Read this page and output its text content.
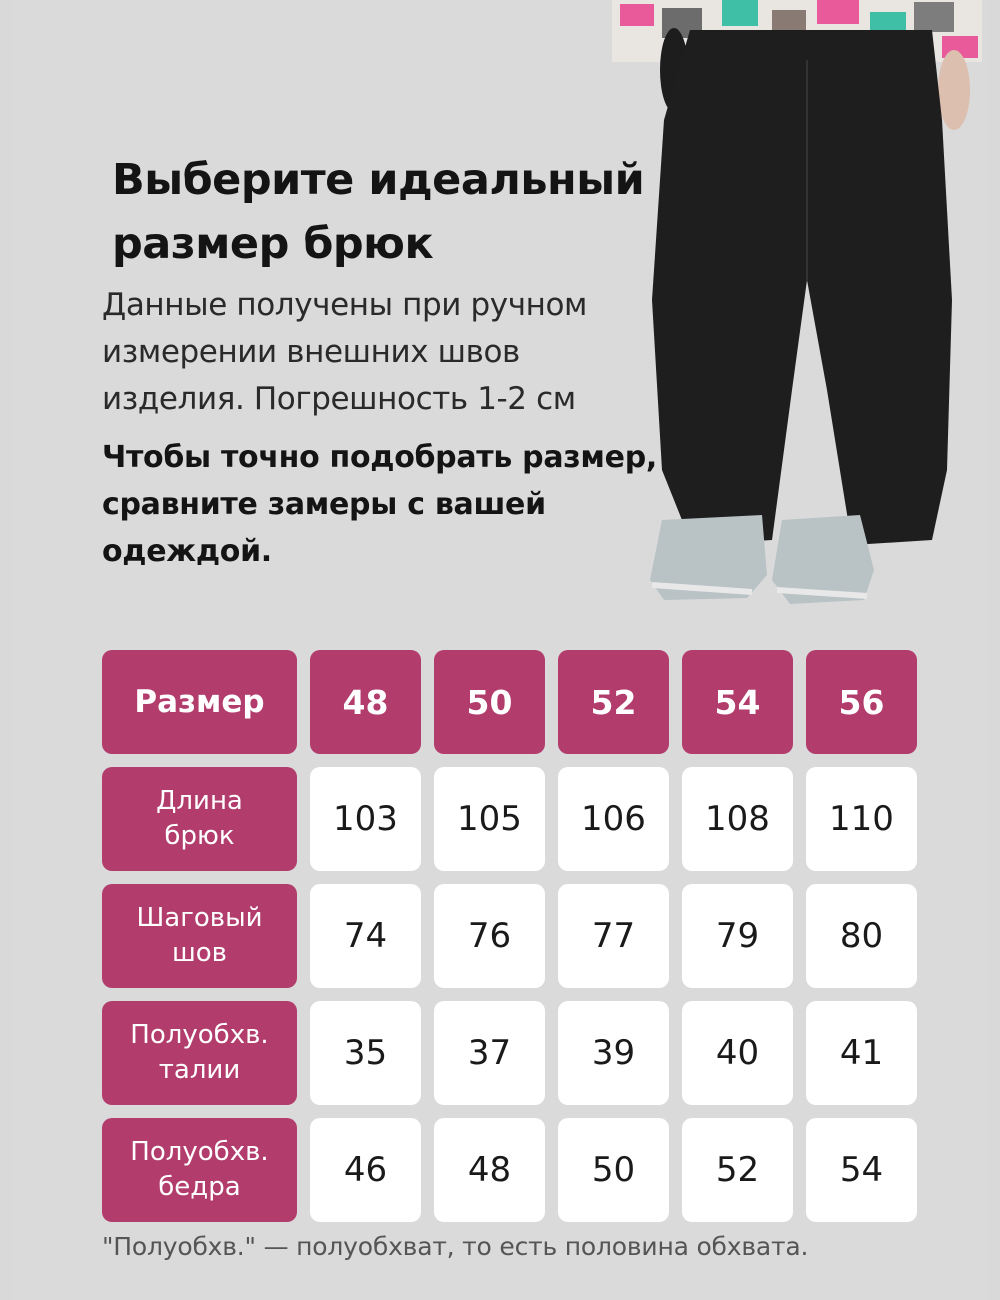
Выберите идеальный
размер брюк

Данные получены при ручном измерении внешних швов изделия. Погрешность 1-2 см

Чтобы точно подобрать размер, сравните замеры с вашей одеждой.

Размер	48	50	52	54	56
Длина
брюк	103	105	106	108	110
Шаговый
шов	74	76	77	79	80
Полуобхв.
талии	35	37	39	40	41
Полуобхв.
бедра	46	48	50	52	54

"Полуобхв." — полуобхват, то есть половина обхвата.
